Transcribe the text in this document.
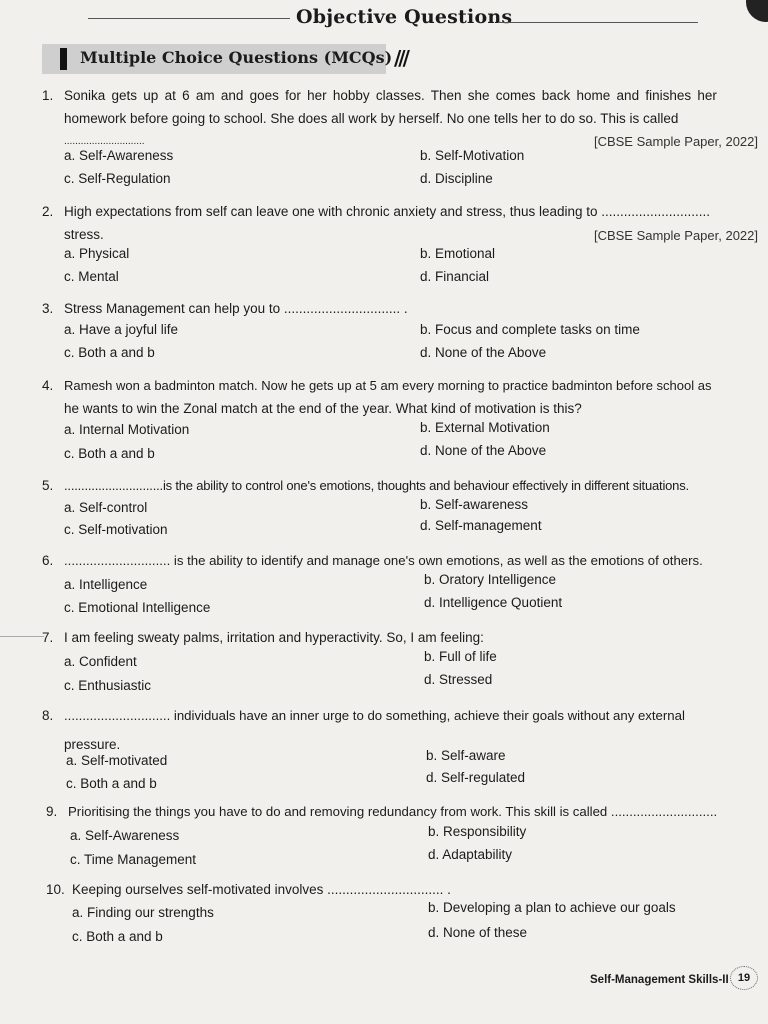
Objective Questions
Multiple Choice Questions (MCQs) ///
1. Sonika gets up at 6 am and goes for her hobby classes. Then she comes back home and finishes her
homework before going to school. She does all work by herself. No one tells her to do so. This is called
.............................	[CBSE Sample Paper, 2022]
a. Self-Awareness	b. Self-Motivation
c. Self-Regulation	d. Discipline
2. High expectations from self can leave one with chronic anxiety and stress, thus leading to .............................
stress.	[CBSE Sample Paper, 2022]
a. Physical	b. Emotional
c. Mental	d. Financial
3. Stress Management can help you to ............................... .
a. Have a joyful life	b. Focus and complete tasks on time
c. Both a and b	d. None of the Above
4. Ramesh won a badminton match. Now he gets up at 5 am every morning to practice badminton before school as
he wants to win the Zonal match at the end of the year. What kind of motivation is this?
a. Internal Motivation	b. External Motivation
c. Both a and b	d. None of the Above
5. .............................is the ability to control one's emotions, thoughts and behaviour effectively in different situations.
a. Self-control	b. Self-awareness
c. Self-motivation	d. Self-management
6. ............................. is the ability to identify and manage one's own emotions, as well as the emotions of others.
a. Intelligence	b. Oratory Intelligence
c. Emotional Intelligence	d. Intelligence Quotient
7. I am feeling sweaty palms, irritation and hyperactivity. So, I am feeling:
a. Confident	b. Full of life
c. Enthusiastic	d. Stressed
8. ............................. individuals have an inner urge to do something, achieve their goals without any external
pressure.
a. Self-motivated	b. Self-aware
c. Both a and b	d. Self-regulated
9. Prioritising the things you have to do and removing redundancy from work. This skill is called .............................
a. Self-Awareness	b. Responsibility
c. Time Management	d. Adaptability
10. Keeping ourselves self-motivated involves ............................... .
a. Finding our strengths	b. Developing a plan to achieve our goals
c. Both a and b	d. None of these
Self-Management Skills-II 19
